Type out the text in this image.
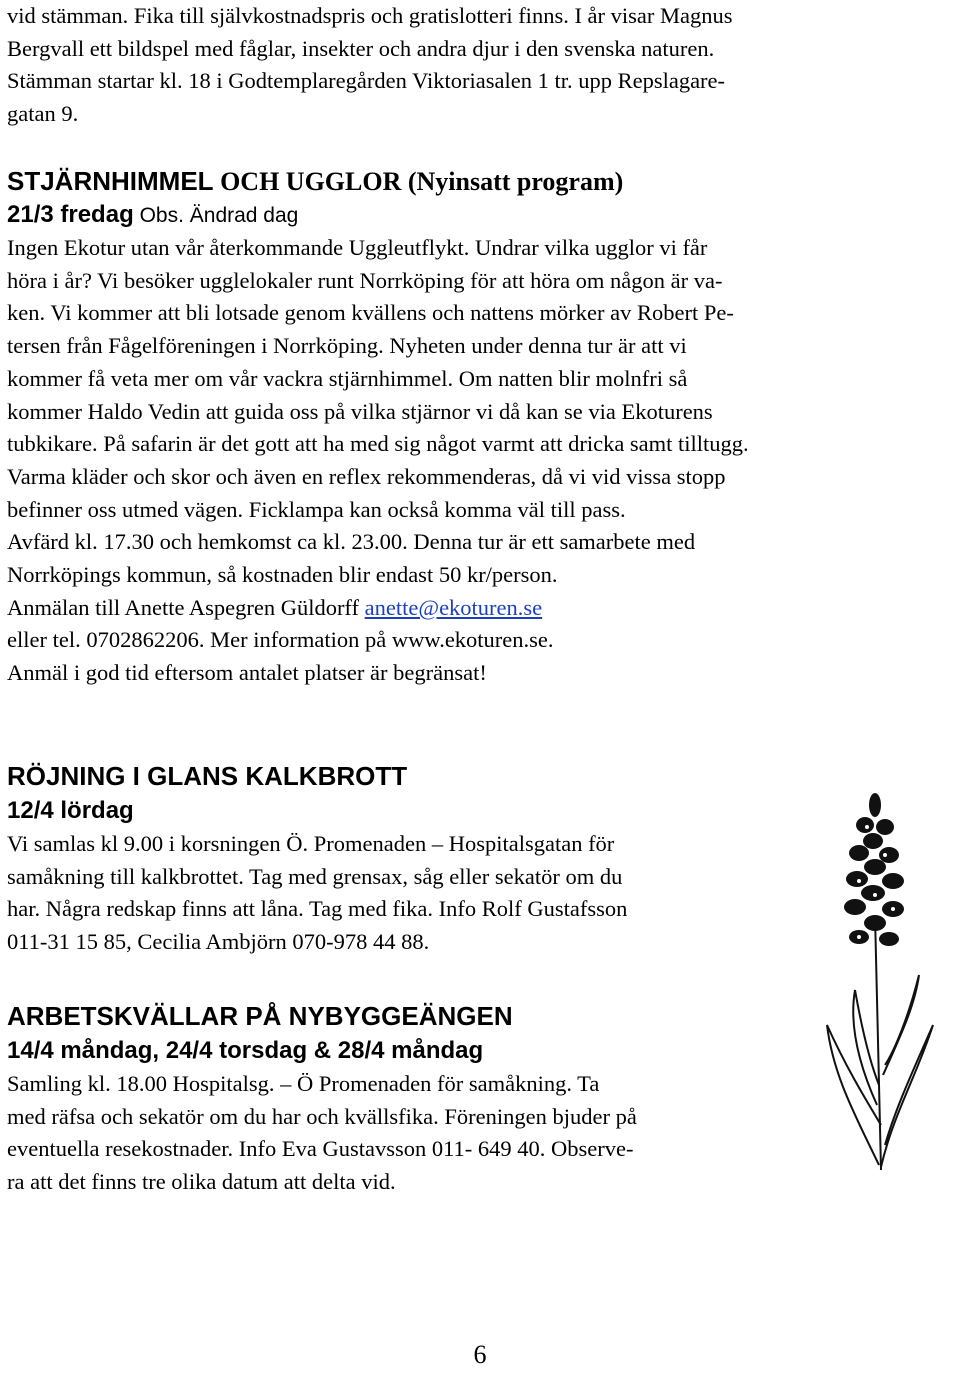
vid stämman. Fika till självkostnadspris och gratislotteri finns. I år visar Magnus

Bergvall ett bildspel med fåglar, insekter och andra djur i den svenska naturen.

Stämman startar kl. 18 i Godtemplaregården Viktoriasalen 1 tr. upp Repslagare-

gatan 9.

STJÄRNHIMMEL OCH UGGLOR (Nyinsatt program)

21/3 fredag Obs. Ändrad dag

Ingen Ekotur utan vår återkommande Uggleutflykt. Undrar vilka ugglor vi får

höra i år? Vi besöker ugglelokaler runt Norrköping för att höra om någon är va-

ken. Vi kommer att bli lotsade genom kvällens och nattens mörker av Robert Pe-

tersen från Fågelföreningen i Norrköping. Nyheten under denna tur är att vi

kommer få veta mer om vår vackra stjärnhimmel. Om natten blir molnfri så

kommer Haldo Vedin att guida oss på vilka stjärnor vi då kan se via Ekoturens

tubkikare. På safarin är det gott att ha med sig något varmt att dricka samt tilltugg.

Varma kläder och skor och även en reflex rekommenderas, då vi vid vissa stopp

befinner oss utmed vägen. Ficklampa kan också komma väl till pass.

Avfärd kl. 17.30 och hemkomst ca kl. 23.00. Denna tur är ett samarbete med

Norrköpings kommun, så kostnaden blir endast 50 kr/person.

Anmälan till Anette Aspegren Güldorff anette@ekoturen.se

eller tel. 0702862206. Mer information på www.ekoturen.se.

Anmäl i god tid eftersom antalet platser är begränsat!

RÖJNING I GLANS KALKBROTT

12/4 lördag

Vi samlas kl 9.00 i korsningen Ö. Promenaden – Hospitalsgatan för

samåkning till kalkbrottet. Tag med grensax, såg eller sekatör om du

har. Några redskap finns att låna. Tag med fika. Info Rolf Gustafsson

011-31 15 85, Cecilia Ambjörn 070-978 44 88.

ARBETSKVÄLLAR PÅ NYBYGGEÄNGEN

14/4 måndag, 24/4 torsdag & 28/4 måndag

Samling kl. 18.00 Hospitalsg. – Ö Promenaden för samåkning. Ta

med räfsa och sekatör om du har och kvällsfika. Föreningen bjuder på

eventuella resekostnader. Info Eva Gustavsson 011- 649 40. Observe-

ra att det finns tre olika datum att delta vid.

6
